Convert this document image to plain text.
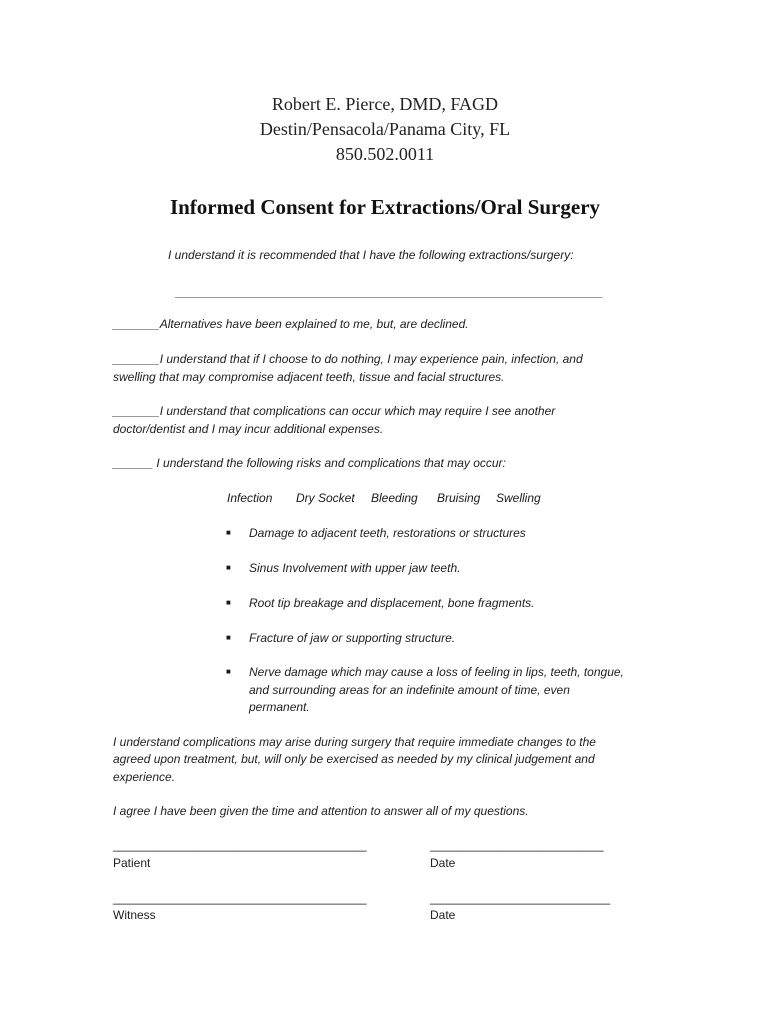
Robert E. Pierce, DMD, FAGD
Destin/Pensacola/Panama City, FL
850.502.0011
Informed Consent for Extractions/Oral Surgery
I understand it is recommended that I have the following extractions/surgery:
________________________________________________________________
_______Alternatives have been explained to me, but, are declined.
_______I understand that if I choose to do nothing, I may experience pain, infection, and
swelling that may compromise adjacent teeth, tissue and facial structures.
_______I understand that complications can occur which may require I see another
doctor/dentist and I may incur additional expenses.
______ I understand the following risks and complications that may occur:
Infection Dry Socket Bleeding Bruising Swelling
■ Damage to adjacent teeth, restorations or structures
■ Sinus Involvement with upper jaw teeth.
■ Root tip breakage and displacement, bone fragments.
■ Fracture of jaw or supporting structure.
■ Nerve damage which may cause a loss of feeling in lips, teeth, tongue,
and surrounding areas for an indefinite amount of time, even
permanent.
I understand complications may arise during surgery that require immediate changes to the
agreed upon treatment, but, will only be exercised as needed by my clinical judgement and
experience.
I agree I have been given the time and attention to answer all of my questions.
______________________________________
Patient
__________________________
Date
______________________________________
Witness
___________________________
Date
